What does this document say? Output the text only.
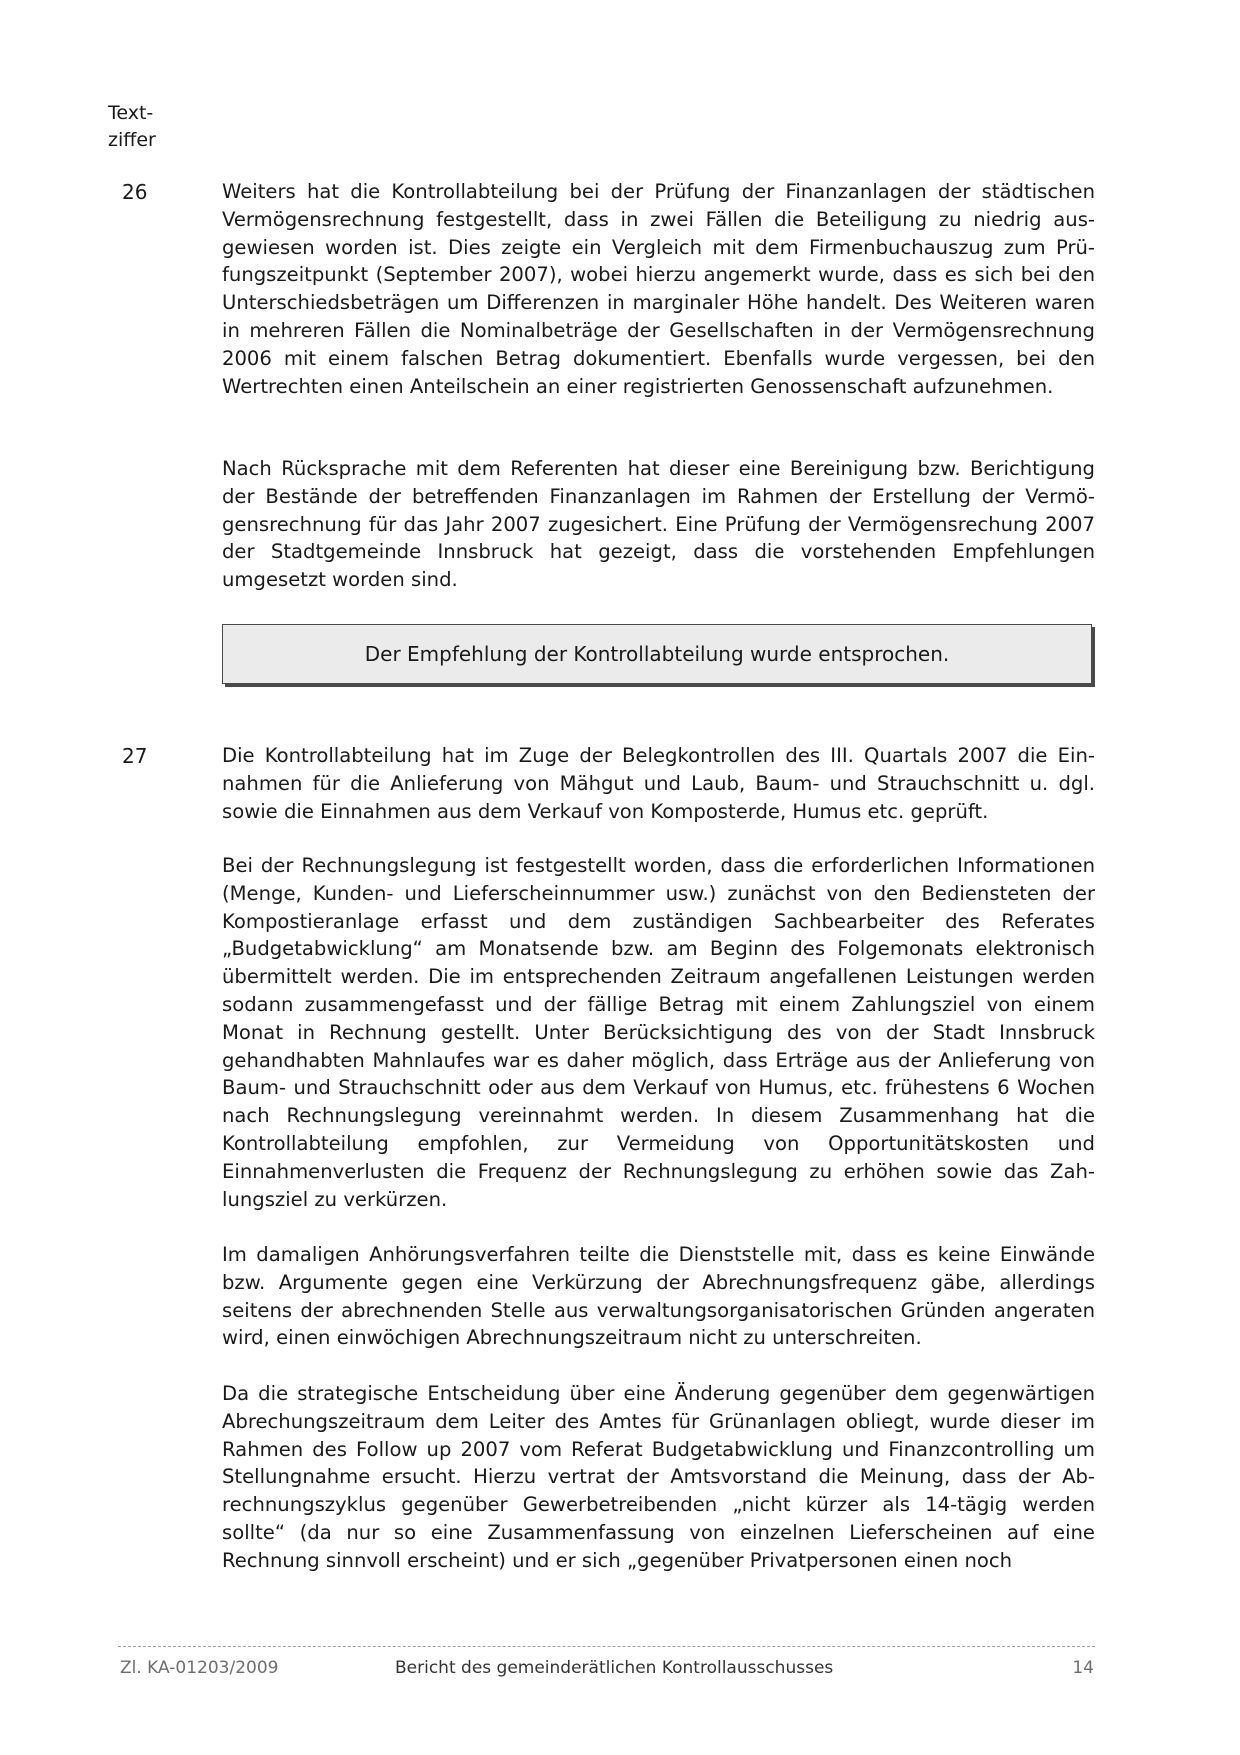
Text-
ziffer
26	Weiters hat die Kontrollabteilung bei der Prüfung der Finanzanlagen der städtischen Vermögensrechnung festgestellt, dass in zwei Fällen die Beteiligung zu niedrig ausgewiesen worden ist. Dies zeigte ein Vergleich mit dem Firmenbuchauszug zum Prüfungszeitpunkt (September 2007), wobei hierzu angemerkt wurde, dass es sich bei den Unterschiedsbeträgen um Differenzen in marginaler Höhe handelt. Des Weiteren waren in mehreren Fällen die Nominalbeträge der Gesellschaften in der Vermögensrechnung 2006 mit einem falschen Betrag dokumentiert. Ebenfalls wurde vergessen, bei den Wertrechten einen Anteilschein an einer registrierten Genossenschaft aufzunehmen.

Nach Rücksprache mit dem Referenten hat dieser eine Bereinigung bzw. Berichtigung der Bestände der betreffenden Finanzanlagen im Rahmen der Erstellung der Vermögensrechnung für das Jahr 2007 zugesichert. Eine Prüfung der Vermögensrechung 2007 der Stadtgemeinde Innsbruck hat gezeigt, dass die vorstehenden Empfehlungen umgesetzt worden sind.

Der Empfehlung der Kontrollabteilung wurde entsprochen.
27	Die Kontrollabteilung hat im Zuge der Belegkontrollen des III. Quartals 2007 die Einnahmen für die Anlieferung von Mähgut und Laub, Baum- und Strauchschnitt u. dgl. sowie die Einnahmen aus dem Verkauf von Komposterde, Humus etc. geprüft.

Bei der Rechnungslegung ist festgestellt worden, dass die erforderlichen Informationen (Menge, Kunden- und Lieferscheinnummer usw.) zunächst von den Bediensteten der Kompostieranlage erfasst und dem zuständigen Sachbearbeiter des Referates „Budgetabwicklung“ am Monatsende bzw. am Beginn des Folgemonats elektronisch übermittelt werden. Die im entsprechenden Zeitraum angefallenen Leistungen werden sodann zusammengefasst und der fällige Betrag mit einem Zahlungsziel von einem Monat in Rechnung gestellt. Unter Berücksichtigung des von der Stadt Innsbruck gehandhabten Mahnlaufes war es daher möglich, dass Erträge aus der Anlieferung von Baum- und Strauchschnitt oder aus dem Verkauf von Humus, etc. frühestens 6 Wochen nach Rechnungslegung vereinnahmt werden. In diesem Zusammenhang hat die Kontrollabteilung empfohlen, zur Vermeidung von Opportunitätskosten und Einnahmenverlusten die Frequenz der Rechnungslegung zu erhöhen sowie das Zahlungsziel zu verkürzen.

Im damaligen Anhörungsverfahren teilte die Dienststelle mit, dass es keine Einwände bzw. Argumente gegen eine Verkürzung der Abrechnungsfrequenz gäbe, allerdings seitens der abrechnenden Stelle aus verwaltungsorganisatorischen Gründen angeraten wird, einen einwöchigen Abrechnungszeitraum nicht zu unterschreiten.

Da die strategische Entscheidung über eine Änderung gegenüber dem gegenwärtigen Abrechungszeitraum dem Leiter des Amtes für Grünanlagen obliegt, wurde dieser im Rahmen des Follow up 2007 vom Referat Budgetabwicklung und Finanzcontrolling um Stellungnahme ersucht. Hierzu vertrat der Amtsvorstand die Meinung, dass der Abrechnungszyklus gegenüber Gewerbetreibenden „nicht kürzer als 14-tägig werden sollte“ (da nur so eine Zusammenfassung von einzelnen Lieferscheinen auf eine Rechnung sinnvoll erscheint) und er sich „gegenüber Privatpersonen einen noch

Zl. KA-01203/2009	Bericht des gemeinderätlichen Kontrollausschusses	14
